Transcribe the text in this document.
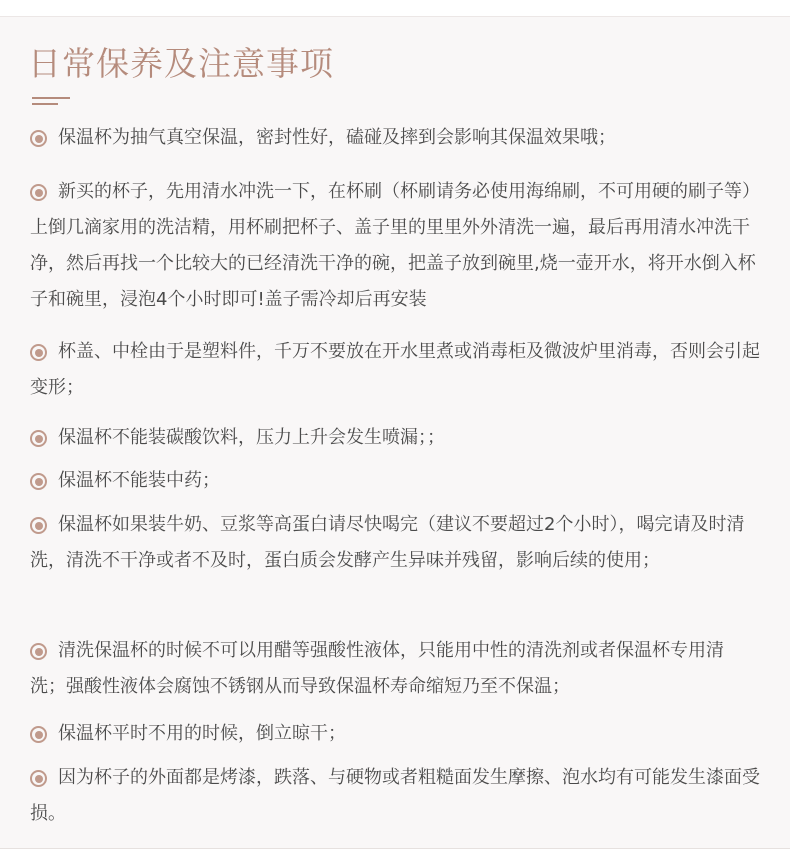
日常保养及注意事项

保温杯为抽气真空保温，密封性好，磕碰及摔到会影响其保温效果哦；

新买的杯子，先用清水冲洗一下，在杯刷（杯刷请务必使用海绵刷，不可用硬的刷子等）上倒几滴家用的洗洁精，用杯刷把杯子、盖子里的里里外外清洗一遍，最后再用清水冲洗干净，然后再找一个比较大的已经清洗干净的碗，把盖子放到碗里,烧一壶开水，将开水倒入杯子和碗里，浸泡4个小时即可!盖子需冷却后再安装

杯盖、中栓由于是塑料件，千万不要放在开水里煮或消毒柜及微波炉里消毒，否则会引起变形；

保温杯不能装碳酸饮料，压力上升会发生喷漏；；

保温杯不能装中药；

保温杯如果装牛奶、豆浆等高蛋白请尽快喝完（建议不要超过2个小时），喝完请及时清洗，清洗不干净或者不及时，蛋白质会发酵产生异味并残留，影响后续的使用；

清洗保温杯的时候不可以用醋等强酸性液体，只能用中性的清洗剂或者保温杯专用清洗；强酸性液体会腐蚀不锈钢从而导致保温杯寿命缩短乃至不保温；

保温杯平时不用的时候，倒立晾干；

因为杯子的外面都是烤漆，跌落、与硬物或者粗糙面发生摩擦、泡水均有可能发生漆面受损。
